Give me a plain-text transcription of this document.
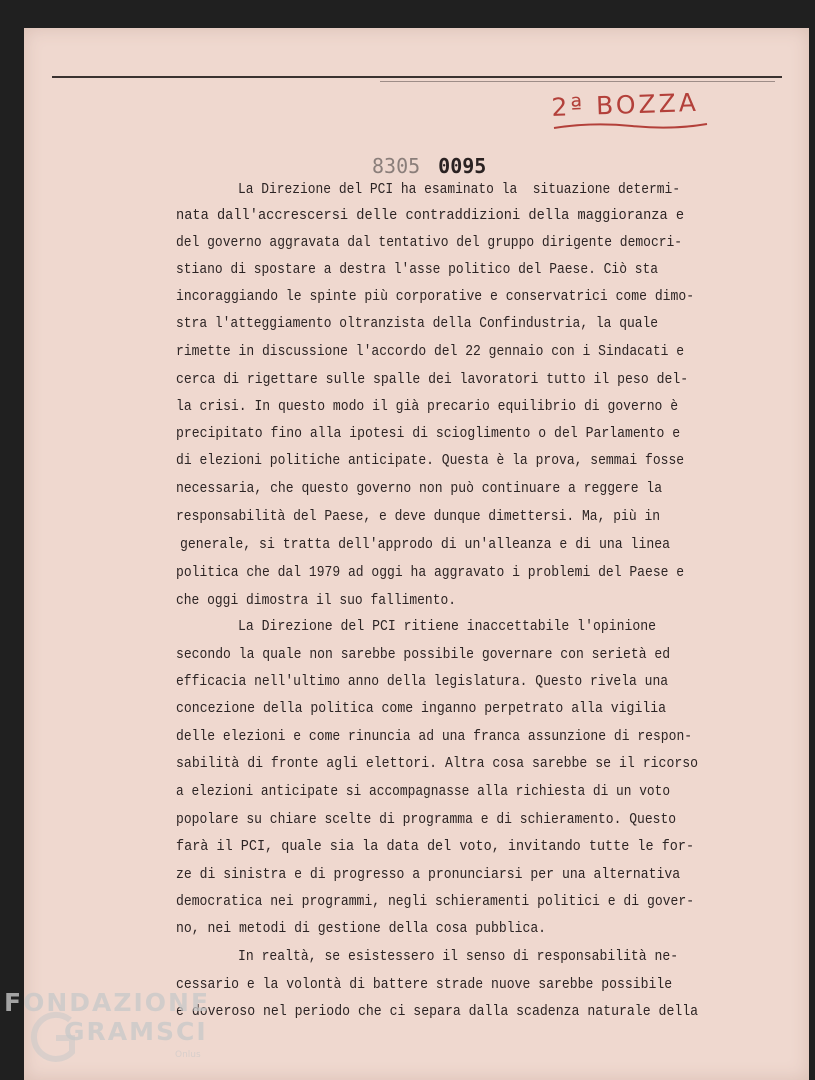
2ª BOZZA
8305 0095
La Direzione del PCI ha esaminato la  situazione determi-
nata dall'accrescersi delle contraddizioni della maggioranza e
del governo aggravata dal tentativo del gruppo dirigente democri-
stiano di spostare a destra l'asse politico del Paese. Ciò sta
incoraggiando le spinte più corporative e conservatrici come dimo-
stra l'atteggiamento oltranzista della Confindustria, la quale
rimette in discussione l'accordo del 22 gennaio con i Sindacati e
cerca di rigettare sulle spalle dei lavoratori tutto il peso del-
la crisi. In questo modo il già precario equilibrio di governo è
precipitato fino alla ipotesi di scioglimento o del Parlamento e
di elezioni politiche anticipate. Questa è la prova, semmai fosse
necessaria, che questo governo non può continuare a reggere la
responsabilità del Paese, e deve dunque dimettersi. Ma, più in
generale, si tratta dell'approdo di un'alleanza e di una linea
politica che dal 1979 ad oggi ha aggravato i problemi del Paese e
che oggi dimostra il suo fallimento.
La Direzione del PCI ritiene inaccettabile l'opinione
secondo la quale non sarebbe possibile governare con serietà ed
efficacia nell'ultimo anno della legislatura. Questo rivela una
concezione della politica come inganno perpetrato alla vigilia
delle elezioni e come rinuncia ad una franca assunzione di respon-
sabilità di fronte agli elettori. Altra cosa sarebbe se il ricorso
a elezioni anticipate si accompagnasse alla richiesta di un voto
popolare su chiare scelte di programma e di schieramento. Questo
farà il PCI, quale sia la data del voto, invitando tutte le for-
ze di sinistra e di progresso a pronunciarsi per una alternativa
democratica nei programmi, negli schieramenti politici e di gover-
no, nei metodi di gestione della cosa pubblica.
In realtà, se esistessero il senso di responsabilità ne-
cessario e la volontà di battere strade nuove sarebbe possibile
e doveroso nel periodo che ci separa dalla scadenza naturale della
FONDAZIONE
GRAMSCI
Onlus
